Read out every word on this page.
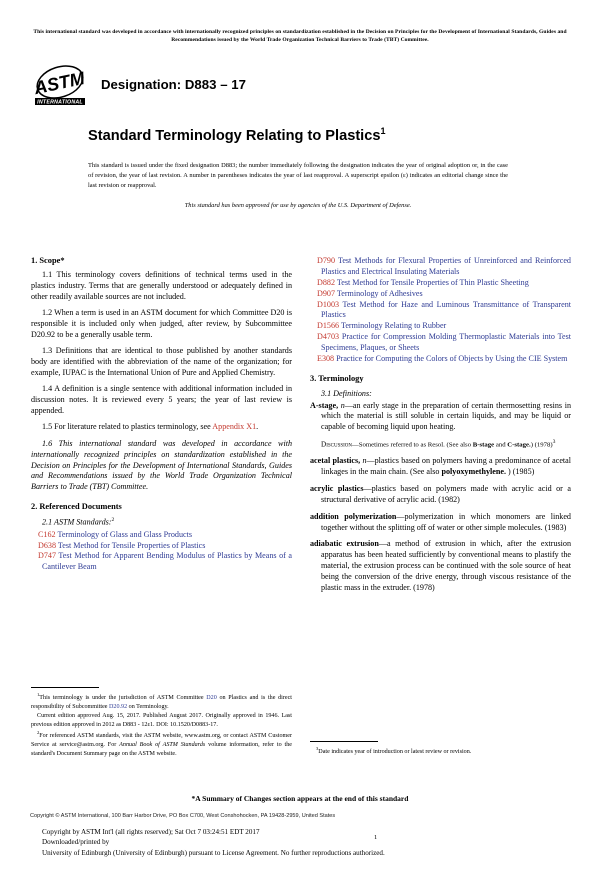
This international standard was developed in accordance with internationally recognized principles on standardization established in the Decision on Principles for the Development of International Standards, Guides and Recommendations issued by the World Trade Organization Technical Barriers to Trade (TBT) Committee.
ASTM
INTERNATIONAL
Designation: D883 – 17
Standard Terminology Relating to Plastics$^1$
This standard is issued under the fixed designation D883; the number immediately following the designation indicates the year of original adoption or, in the case of revision, the year of last revision. A number in parentheses indicates the year of last reapproval. A superscript epsilon (ε) indicates an editorial change since the last revision or reapproval.
This standard has been approved for use by agencies of the U.S. Department of Defense.
1. Scope*

1.1 This terminology covers definitions of technical terms used in the plastics industry. Terms that are generally understood or adequately defined in other readily available sources are not included.

1.2 When a term is used in an ASTM document for which Committee D20 is responsible it is included only when judged, after review, by Subcommittee D20.92 to be a generally usable term.

1.3 Definitions that are identical to those published by another standards body are identified with the abbreviation of the name of the organization; for example, IUPAC is the International Union of Pure and Applied Chemistry.

1.4 A definition is a single sentence with additional information included in discussion notes. It is reviewed every 5 years; the year of last review is appended.

1.5 For literature related to plastics terminology, see Appendix X1.

1.6 This international standard was developed in accordance with internationally recognized principles on standardization established in the Decision on Principles for the Development of International Standards, Guides and Recommendations issued by the World Trade Organization Technical Barriers to Trade (TBT) Committee.

2. Referenced Documents
2.1 ASTM Standards:$^2$
C162 Terminology of Glass and Glass Products
D638 Test Method for Tensile Properties of Plastics
D747 Test Method for Apparent Bending Modulus of Plastics by Means of a Cantilever Beam

$^1$This terminology is under the jurisdiction of ASTM Committee D20 on Plastics and is the direct responsibility of Subcommittee D20.92 on Terminology.

Current edition approved Aug. 15, 2017. Published August 2017. Originally approved in 1946. Last previous edition approved in 2012 as D883 - 12ε1. DOI: 10.1520/D0883-17.

$^2$For referenced ASTM standards, visit the ASTM website, www.astm.org, or contact ASTM Customer Service at service@astm.org. For Annual Book of ASTM Standards volume information, refer to the standard's Document Summary page on the ASTM website.

D790 Test Methods for Flexural Properties of Unreinforced and Reinforced Plastics and Electrical Insulating Materials
D882 Test Method for Tensile Properties of Thin Plastic Sheeting
D907 Terminology of Adhesives
D1003 Test Method for Haze and Luminous Transmittance of Transparent Plastics
D1566 Terminology Relating to Rubber
D4703 Practice for Compression Molding Thermoplastic Materials into Test Specimens, Plaques, or Sheets
E308 Practice for Computing the Colors of Objects by Using the CIE System
3. Terminology
3.1 Definitions:

A-stage, n—an early stage in the preparation of certain thermosetting resins in which the material is still soluble in certain liquids, and may be liquid or capable of becoming liquid upon heating.

Discussion—Sometimes referred to as Resol. (See also B-stage and C-stage.) $(1978)^3$

acetal plastics, n—plastics based on polymers having a predominance of acetal linkages in the main chain. (See also polyoxymethylene. ) (1985)

acrylic plastics—plastics based on polymers made with acrylic acid or a structural derivative of acrylic acid. (1982)

addition polymerization—polymerization in which monomers are linked together without the splitting off of water or other simple molecules. (1983)

adiabatic extrusion—a method of extrusion in which, after the extrusion apparatus has been heated sufficiently by conventional means to plastify the material, the extrusion process can be continued with the sole source of heat being the conversion of the drive energy, through viscous resistance of the plastic mass in the extruder. (1978)

$^3$Date indicates year of introduction or latest review or revision.

*A Summary of Changes section appears at the end of this standard
Copyright © ASTM International, 100 Barr Harbor Drive, PO Box C700, West Conshohocken, PA 19428-2959, United States
Copyright by ASTM Int'l (all rights reserved); Sat Oct 7 03:24:51 EDT 2017
Downloaded/printed by
University of Edinburgh (University of Edinburgh) pursuant to License Agreement. No further reproductions authorized.
1
